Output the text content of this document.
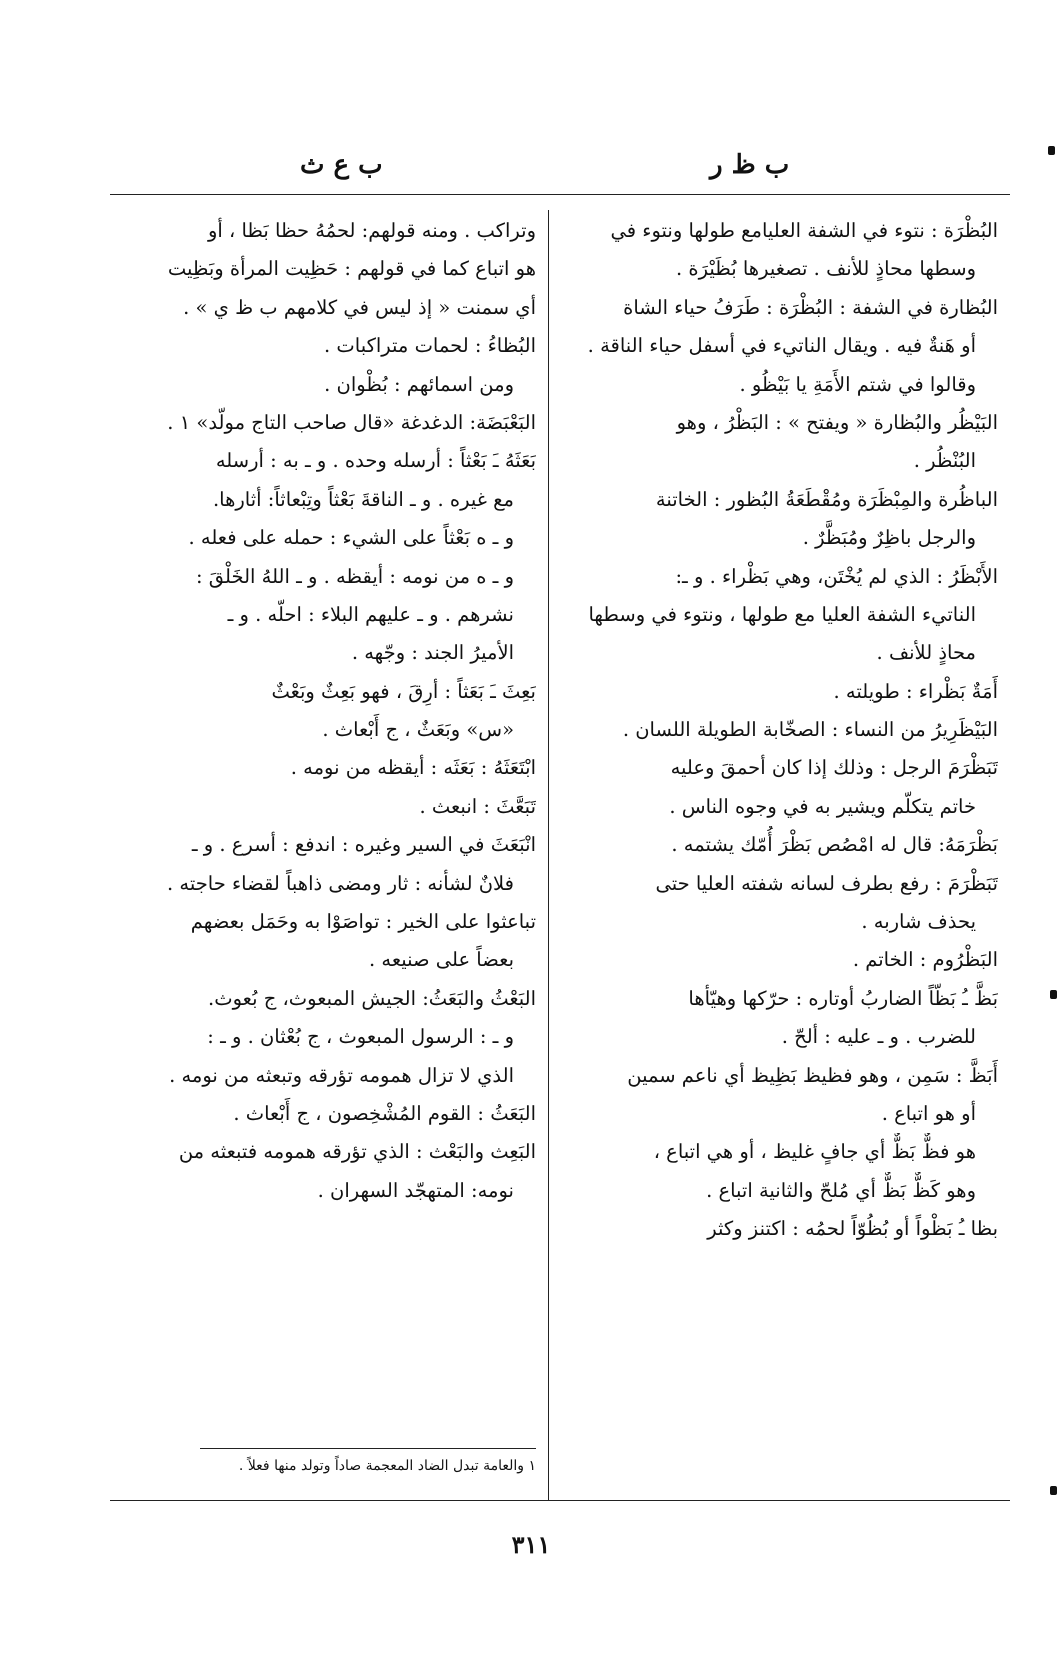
ب ظ ر
ب ع ث
البُظْرَة : نتوء في الشفة العليامع طولها ونتوء في
وسطها محاذٍ للأنف . تصغيرها بُظَيْرَة .
البُظارة في الشفة : البُظْرَة : طَرَفُ حياء الشاة
أو هَنةٌ فيه . ويقال الناتيء في أسفل حياء الناقة .
وقالوا في شتم الأَمَةِ يا بَيْظُو .
البَيْظُر والبُظارة « ويفتح » : البَظْرُ ، وهو
البُنْظُر .
الباظُرة والمِبْظَرَة ومُقْطَعَةُ البُظور : الخاتنة
والرجل باظِرٌ ومُبَظَّرٌ .
الأَبْظَرُ : الذي لم يُخْتَن، وهي بَظْراء . و ـ:
الناتيء الشفة العليا مع طولها ، ونتوء في وسطها
محاذٍ للأنف .
أَمَةٌ بَظْراء : طويلته .
البَيْظَرِيرُ من النساء : الصخّابة الطويلة اللسان .
تَبَظْرَمَ الرجل : وذلك إذا كان أحمقَ وعليه
خاتم يتكلّم ويشير به في وجوه الناس .
بَظْرَمَهُ: قال له امْصُص بَظْرَ أُمّك يشتمه .
تَبَظْرَمَ : رفع بطرف لسانه شفته العليا حتى
يحذف شاربه .
البَظْرُوم : الخاتم .
بَظَّ ـُ بَظّاً الضاربُ أوتاره : حرّكها وهيّأها
للضرب . و ـ عليه : ألحّ .
أَبَظَّ : سَمِن ، وهو فظيظ بَظِيظ أي ناعم سمين
أو هو اتباع .
هو فظٌّ بَظٌّ أي جافٍ غليظ ، أو هي اتباع ،
وهو كَظٌّ بَظٌّ أي مُلحّ والثانية اتباع .
بظا ـُ بَظْواً أو بُظُوّاً لحمُه : اكتنز وكثر
وتراكب . ومنه قولهم: لحمُهُ حظا بَظا ، أو
هو اتباع كما في قولهم : حَظِيت المرأة وبَظِيت
أي سمنت « إذ ليس في كلامهم ب ظ ي » .
البُظاءُ : لحمات متراكبات .
ومن اسمائهم : بُظْوان .
البَعْبَضَة: الدغدغة «قال صاحب التاج مولّد» ١ .
بَعَثَهُ ـَ بَعْثاً : أرسله وحده . و ـ به : أرسله
مع غيره . و ـ الناقةَ بَعْثاً وتِبْعاثاً: أثارها.
و ـ ه بَعْثاً على الشيء : حمله على فعله .
و ـ ه من نومه : أيقظه . و ـ اللهُ الخَلْقَ :
نشرهم . و ـ عليهم البلاء : احلّه . و ـ
الأميرُ الجند : وجّهه .
بَعِثَ ـَ بَعَثاً : أرِقَ ، فهو بَعِثٌ وبَعْثٌ
«س» وبَعَثٌ ، ج أَبْعاث .
ابْتَعَثَهُ : بَعَثَه : أيقظه من نومه .
تَبَعَّثَ : انبعث .
انْبَعَثَ في السير وغيره : اندفع : أسرع . و ـ
فلانٌ لشأنه : ثار ومضى ذاهباً لقضاء حاجته .
تباعثوا على الخير : تواصَوْا به وحَمَل بعضهم
بعضاً على صنيعه .
البَعْثُ والبَعَثُ: الجيش المبعوث، ج بُعوث.
و ـ : الرسول المبعوث ، ج بُعْثان . و ـ :
الذي لا تزال همومه تؤرقه وتبعثه من نومه .
البَعَثُ : القوم المُشْخِصون ، ج أَبْعاث .
البَعِث والبَعْث : الذي تؤرقه همومه فتبعثه من
نومه: المتهجّد السهران .
١ والعامة تبدل الضاد المعجمة صاداً وتولد منها فعلاً .
٣١١
